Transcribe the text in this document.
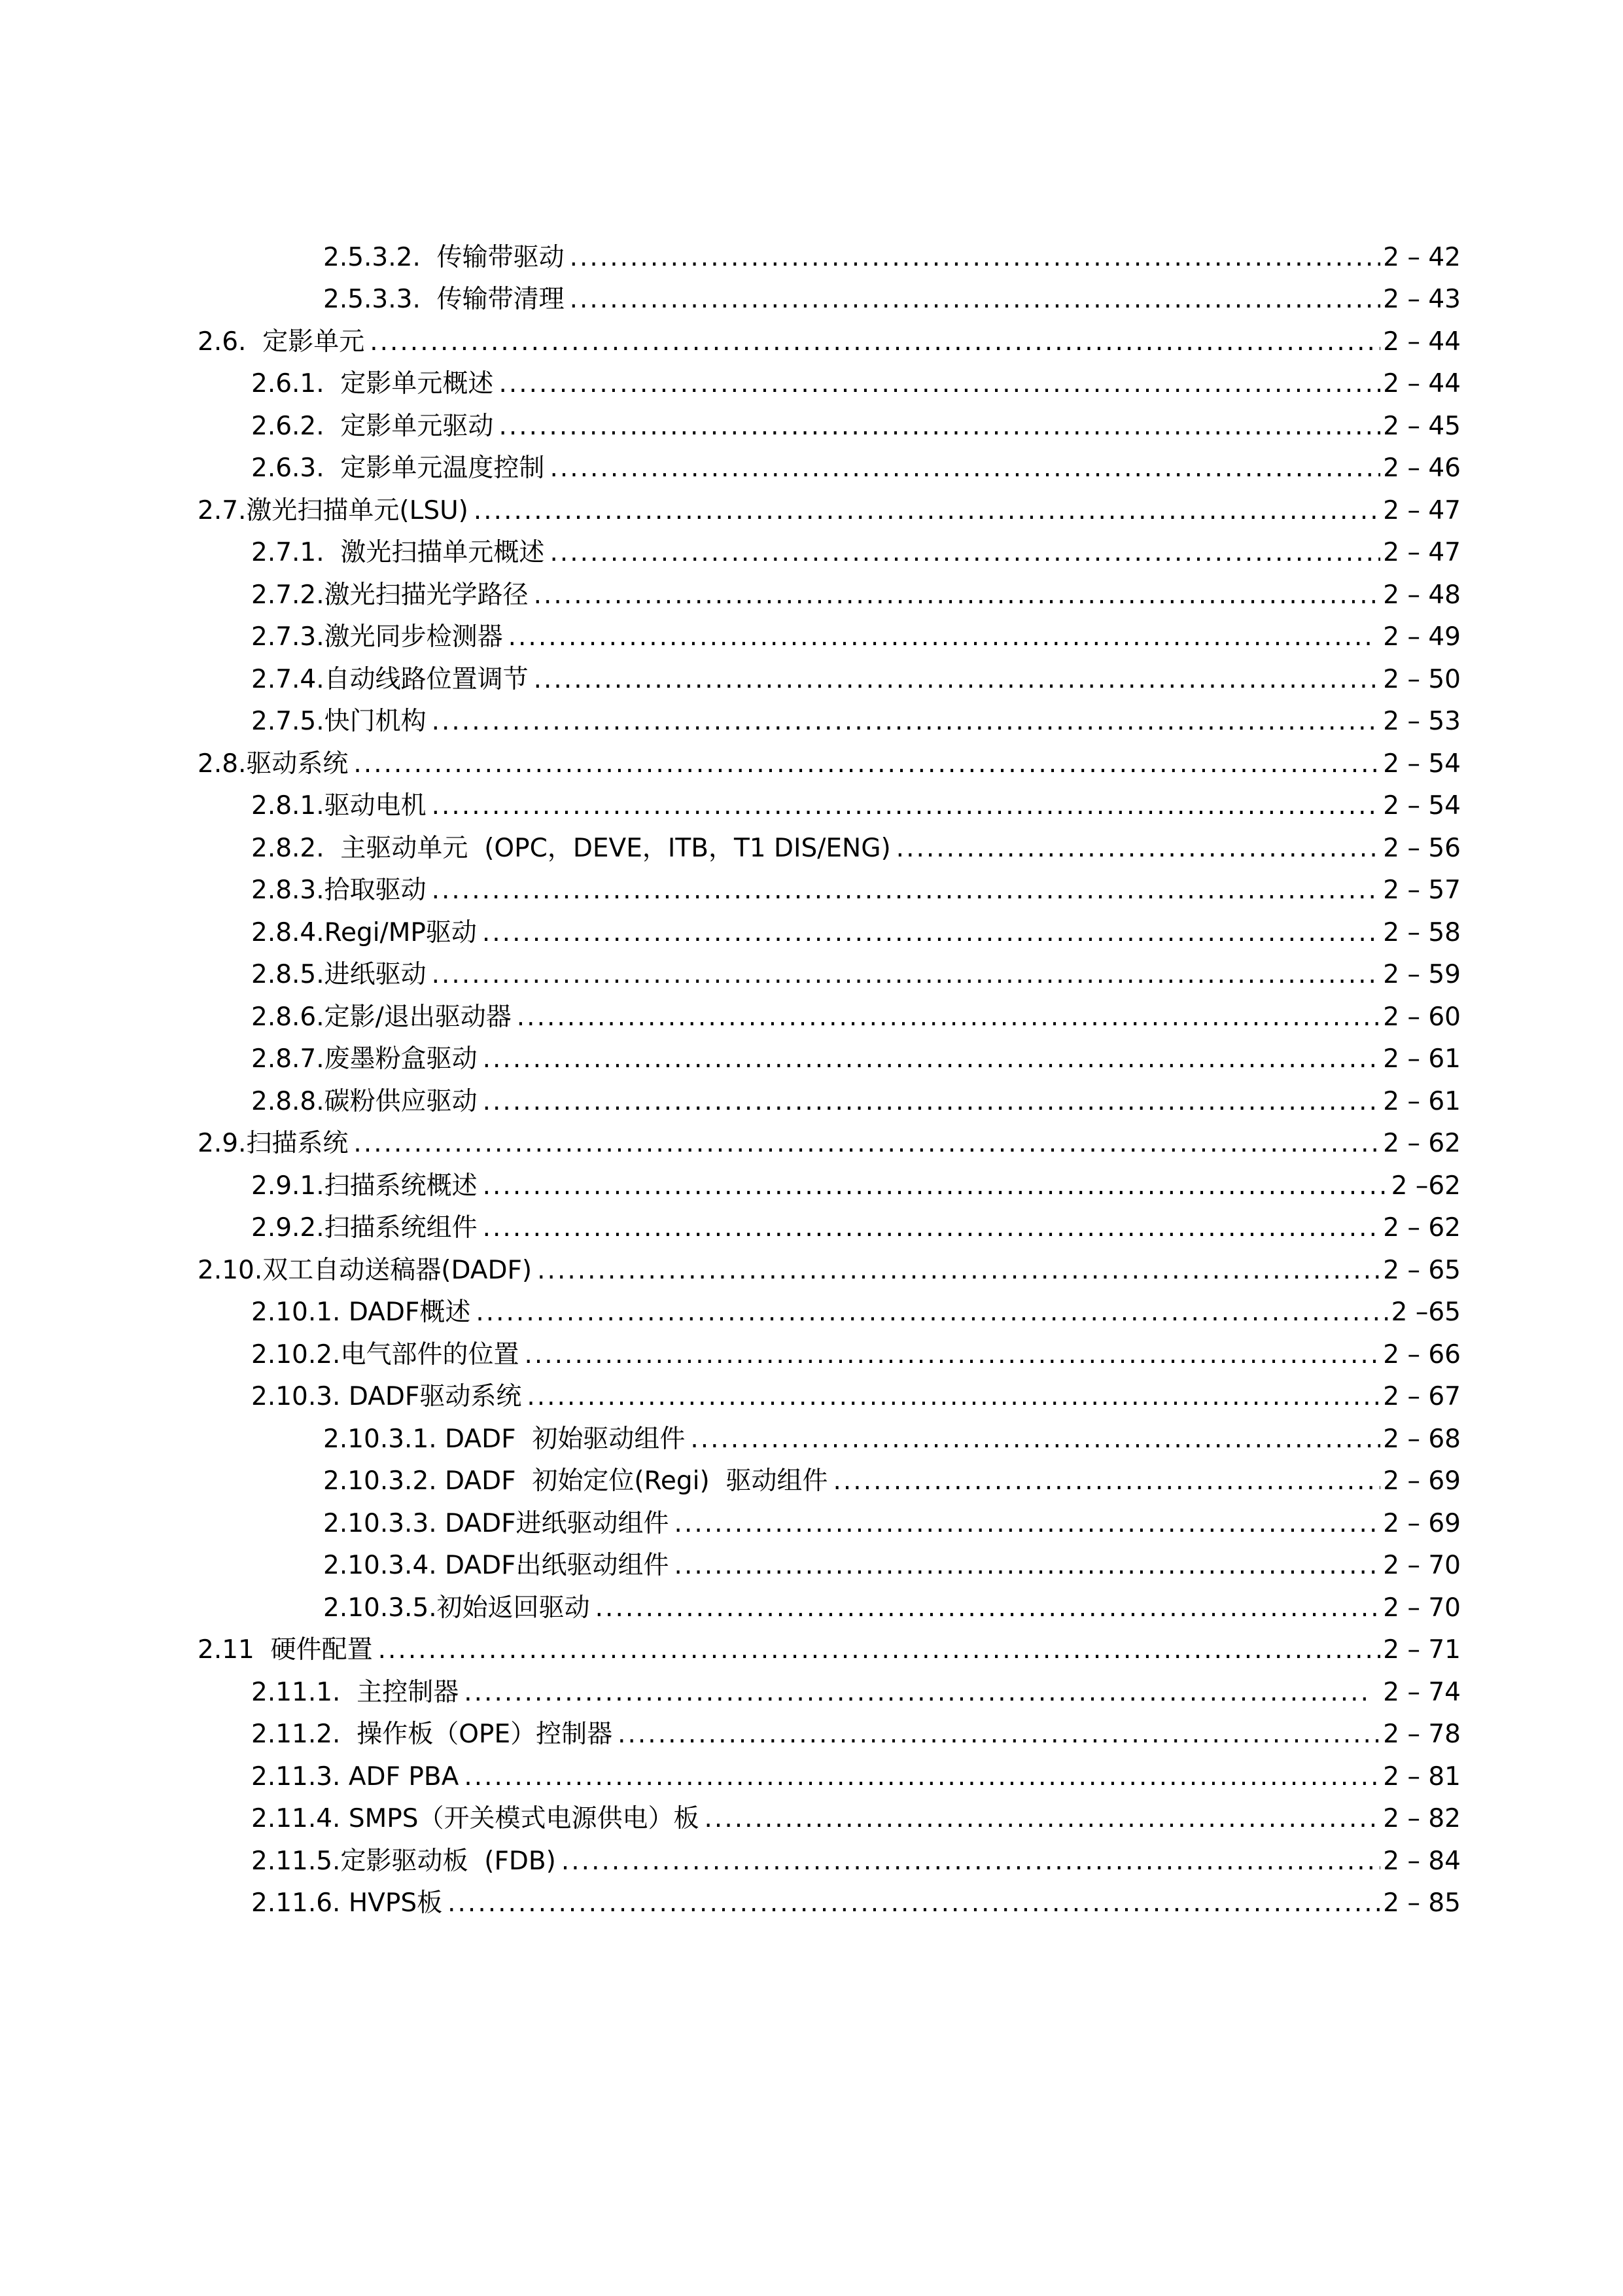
2.5.3.2.  传输带驱动 .....	2 – 42
2.5.3.3.  传输带清理 .....	2 – 43
2.6.  定影单元 .....	2 – 44
2.6.1.  定影单元概述 .....	2 – 44
2.6.2.  定影单元驱动 .....	2 – 45
2.6.3.  定影单元温度控制 .....	2 – 46
2.7.激光扫描单元(LSU) .....	2 – 47
2.7.1.  激光扫描单元概述 .....	2 – 47
2.7.2.激光扫描光学路径 .....	2 – 48
2.7.3.激光同步检测器 .....	2 – 49
2.7.4.自动线路位置调节 .....	2 – 50
2.7.5.快门机构 .....	2 – 53
2.8.驱动系统 .....	2 – 54
2.8.1.驱动电机 .....	2 – 54
2.8.2.  主驱动单元  (OPC，DEVE，ITB，T1 DIS/ENG) .....	2 – 56
2.8.3.拾取驱动 .....	2 – 57
2.8.4.Regi/MP驱动 .....	2 – 58
2.8.5.进纸驱动 .....	2 – 59
2.8.6.定影/退出驱动器 .....	2 – 60
2.8.7.废墨粉盒驱动 .....	2 – 61
2.8.8.碳粉供应驱动 .....	2 – 61
2.9.扫描系统 .....	2 – 62
2.9.1.扫描系统概述 .....	2 –62
2.9.2.扫描系统组件 .....	2 – 62
2.10.双工自动送稿器(DADF) .....	2 – 65
2.10.1. DADF概述 .....	2 –65
2.10.2.电气部件的位置 .....	2 – 66
2.10.3. DADF驱动系统 .....	2 – 67
2.10.3.1. DADF  初始驱动组件 .....	2 – 68
2.10.3.2. DADF  初始定位(Regi)  驱动组件 .....	2 – 69
2.10.3.3. DADF进纸驱动组件 .....	2 – 69
2.10.3.4. DADF出纸驱动组件 .....	2 – 70
2.10.3.5.初始返回驱动 .....	2 – 70
2.11  硬件配置 .....	2 – 71
2.11.1.  主控制器 .....	2 – 74
2.11.2.  操作板（OPE）控制器 .....	2 – 78
2.11.3. ADF PBA .....	2 – 81
2.11.4. SMPS（开关模式电源供电）板 .....	2 – 82
2.11.5.定影驱动板  (FDB) .....	2 – 84
2.11.6. HVPS板 .....	2 – 85
